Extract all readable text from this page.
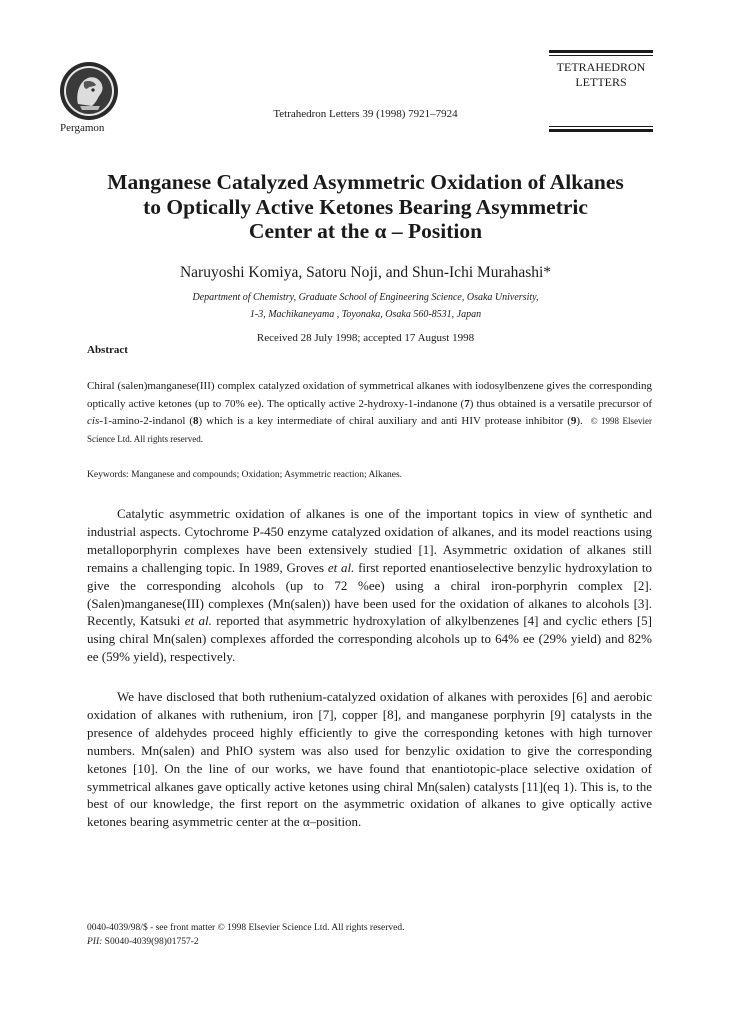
Pergamon
Tetrahedron Letters 39 (1998) 7921–7924
TETRAHEDRON
LETTERS
Manganese Catalyzed Asymmetric Oxidation of Alkanes
to Optically Active Ketones Bearing Asymmetric
Center at the α – Position
Naruyoshi Komiya, Satoru Noji, and Shun-Ichi Murahashi*
Department of Chemistry, Graduate School of Engineering Science, Osaka University,
1-3, Machikaneyama , Toyonaka, Osaka 560-8531, Japan
Received 28 July 1998; accepted 17 August 1998
Abstract
Chiral (salen)manganese(III) complex catalyzed oxidation of symmetrical alkanes with iodosylbenzene gives the corresponding optically active ketones (up to 70% ee). The optically active 2-hydroxy-1-indanone (7) thus obtained is a versatile precursor of cis-1-amino-2-indanol (8) which is a key intermediate of chiral auxiliary and anti HIV protease inhibitor (9). © 1998 Elsevier Science Ltd. All rights reserved.
Keywords: Manganese and compounds; Oxidation; Asymmetric reaction; Alkanes.
Catalytic asymmetric oxidation of alkanes is one of the important topics in view of synthetic and industrial aspects. Cytochrome P-450 enzyme catalyzed oxidation of alkanes, and its model reactions using metalloporphyrin complexes have been extensively studied [1]. Asymmetric oxidation of alkanes still remains a challenging topic. In 1989, Groves et al. first reported enantioselective benzylic hydroxylation to give the corresponding alcohols (up to 72 %ee) using a chiral iron-porphyrin complex [2]. (Salen)manganese(III) complexes (Mn(salen)) have been used for the oxidation of alkanes to alcohols [3]. Recently, Katsuki et al. reported that asymmetric hydroxylation of alkylbenzenes [4] and cyclic ethers [5] using chiral Mn(salen) complexes afforded the corresponding alcohols up to 64% ee (29% yield) and 82% ee (59% yield), respectively.
We have disclosed that both ruthenium-catalyzed oxidation of alkanes with peroxides [6] and aerobic oxidation of alkanes with ruthenium, iron [7], copper [8], and manganese porphyrin [9] catalysts in the presence of aldehydes proceed highly efficiently to give the corresponding ketones with high turnover numbers. Mn(salen) and PhIO system was also used for benzylic oxidation to give the corresponding ketones [10]. On the line of our works, we have found that enantiotopic-place selective oxidation of symmetrical alkanes gave optically active ketones using chiral Mn(salen) catalysts [11](eq 1). This is, to the best of our knowledge, the first report on the asymmetric oxidation of alkanes to give optically active ketones bearing asymmetric center at the α–position.
0040-4039/98/$ - see front matter © 1998 Elsevier Science Ltd. All rights reserved.
PII: S0040-4039(98)01757-2
